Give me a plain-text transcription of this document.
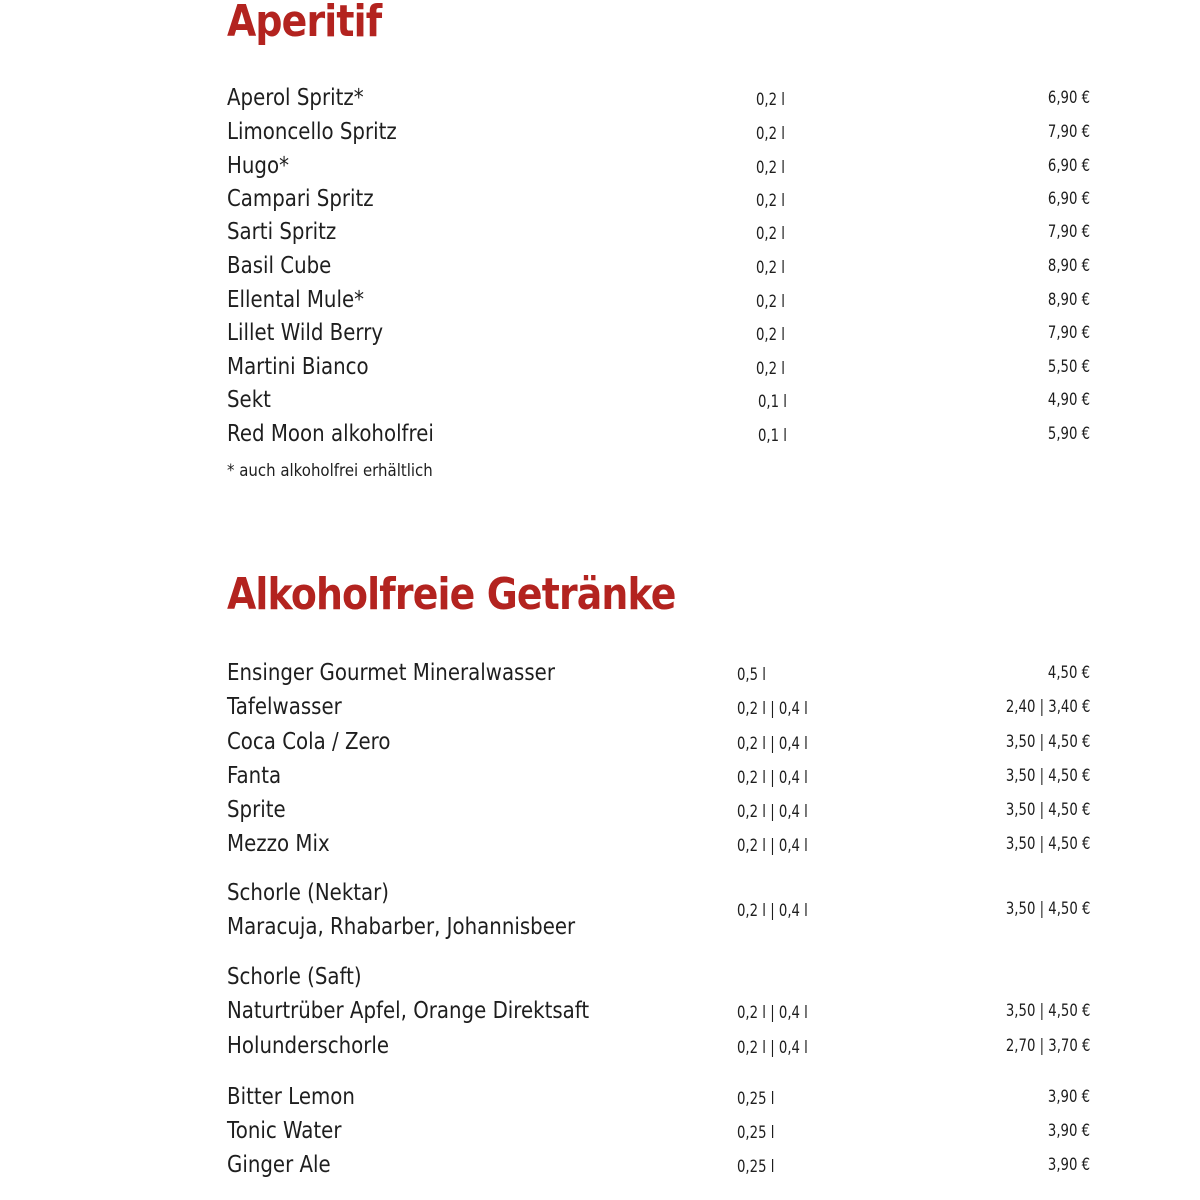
Aperitif
Aperol Spritz*	0,2 l	6,90 €
Limoncello Spritz	0,2 l	7,90 €
Hugo*	0,2 l	6,90 €
Campari Spritz	0,2 l	6,90 €
Sarti Spritz	0,2 l	7,90 €
Basil Cube	0,2 l	8,90 €
Ellental Mule*	0,2 l	8,90 €
Lillet Wild Berry	0,2 l	7,90 €
Martini Bianco	0,2 l	5,50 €
Sekt	0,1 l	4,90 €
Red Moon alkoholfrei	0,1 l	5,90 €
* auch alkoholfrei erhältlich
Alkoholfreie Getränke
Ensinger Gourmet Mineralwasser	0,5 l	4,50 €
Tafelwasser	0,2 l | 0,4 l	2,40 | 3,40 €
Coca Cola / Zero	0,2 l | 0,4 l	3,50 | 4,50 €
Fanta	0,2 l | 0,4 l	3,50 | 4,50 €
Sprite	0,2 l | 0,4 l	3,50 | 4,50 €
Mezzo Mix	0,2 l | 0,4 l	3,50 | 4,50 €
Schorle (Nektar)
Maracuja, Rhabarber, Johannisbeer
0,2 l | 0,4 l	3,50 | 4,50 €
Schorle (Saft)
Naturtrüber Apfel, Orange Direktsaft	0,2 l | 0,4 l	3,50 | 4,50 €
Holunderschorle	0,2 l | 0,4 l	2,70 | 3,70 €
Bitter Lemon	0,25 l	3,90 €
Tonic Water	0,25 l	3,90 €
Ginger Ale	0,25 l	3,90 €
